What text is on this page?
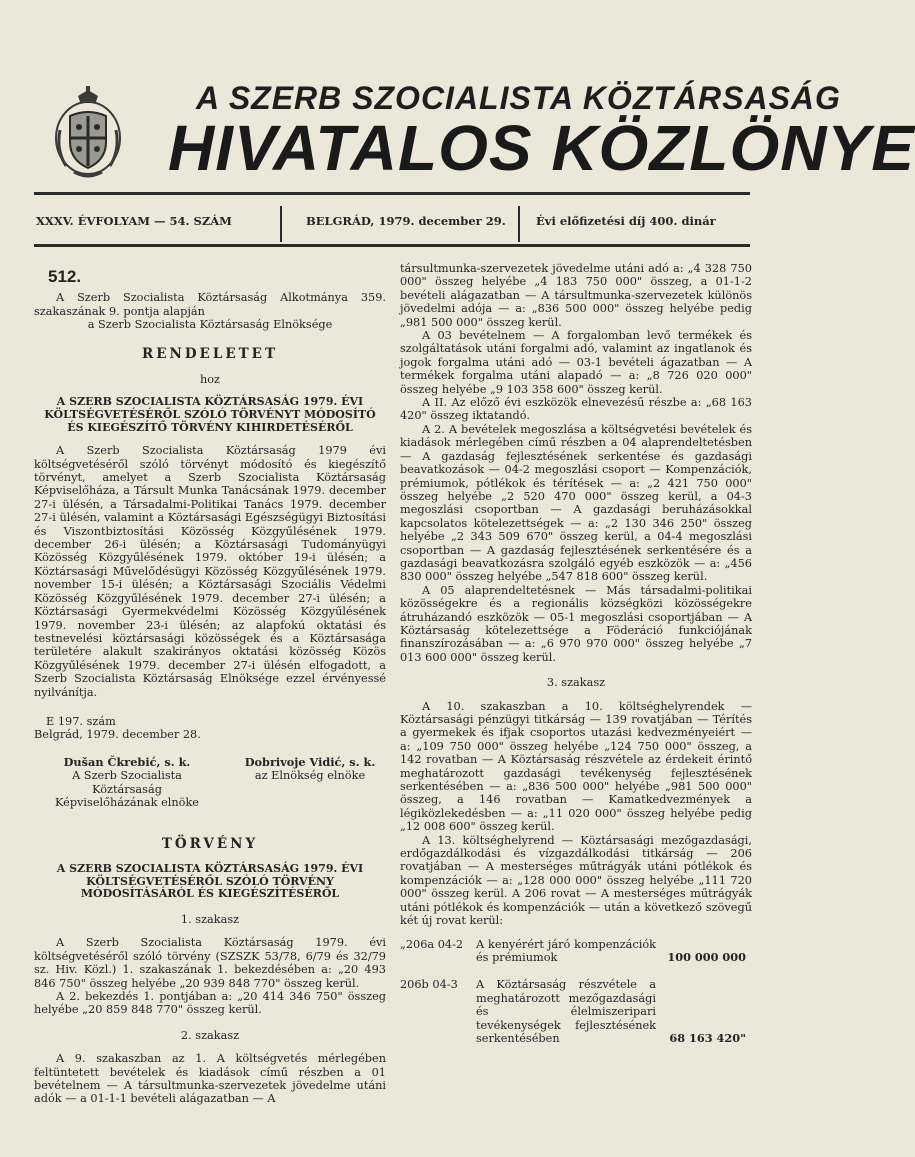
A SZERB SZOCIALISTA KÖZTÁRSASÁG
HIVATALOS KÖZLÖNYE
XXXV. ÉVFOLYAM — 54. SZÁM	BELGRÁD, 1979. december 29.	Évi előfizetési díj 400. dinár
512.

A Szerb Szocialista Köztársaság Alkotmánya 359. szakaszának 9. pontja alapján

a Szerb Szocialista Köztársaság Elnöksége

RENDELETET
hoz
A SZERB SZOCIALISTA KÖZTÁRSASÁG 1979. ÉVI KÖLTSÉGVETÉSÉRŐL SZÓLÓ TÖRVÉNYT MÓDOSÍTÓ ÉS KIEGÉSZÍTŐ TÖRVÉNY KIHIRDETÉSÉRŐL

A Szerb Szocialista Köztársaság 1979 évi költségvetéséről szóló törvényt módosító és kiegészítő törvényt, amelyet a Szerb Szocialista Köztársaság Képviselőháza, a Társult Munka Tanácsának 1979. december 27-i ülésén, a Társadalmi-Politikai Tanács 1979. december 27-i ülésén, valamint a Köztársasági Egészségügyi Biztosítási és Viszontbiztosítási Közösség Közgyűlésének 1979. december 26-i ülésén; a Köztársasági Tudományügyi Közösség Közgyűlésének 1979. október 19-i ülésén; a Köztársasági Művelődésügyi Közösség Közgyűlésének 1979. november 15-i ülésén; a Köztársasági Szociális Védelmi Közösség Közgyűlésének 1979. december 27-i ülésén; a Köztársasági Gyermekvédelmi Közösség Közgyűlésének 1979. november 23-i ülésén; az alapfokú oktatási és testnevelési köztársasági közösségek és a Köztársasága területére alakult szakirányos oktatási közösség Közös Közgyűlésének 1979. december 27-i ülésén elfogadott, a Szerb Szocialista Köztársaság Elnöksége ezzel érvényessé nyilvánítja.

E 197. szám
Belgrád, 1979. december 28.
Dušan Čkrebić, s. k.
A Szerb Szocialista Köztársaság Képviselőházának elnöke
Dobrivoje Vidić, s. k.
az Elnökség elnöke
TÖRVÉNY
A SZERB SZOCIALISTA KÖZTÁRSASÁG 1979. ÉVI KÖLTSÉGVETÉSÉRŐL SZÓLÓ TÖRVÉNY MÓDOSÍTÁSÁRÓL ÉS KIEGÉSZÍTÉSÉRŐL
1. szakasz

A Szerb Szocialista Köztársaság 1979. évi költségvetéséről szóló törvény (SZSZK 53/78, 6/79 és 32/79 sz. Hiv. Közl.) 1. szakaszának 1. bekezdésében a: „20 493 846 750" összeg helyébe „20 939 848 770" összeg kerül.

A 2. bekezdés 1. pontjában a: „20 414 346 750" összeg helyébe „20 859 848 770" összeg kerül.

2. szakasz

A 9. szakaszban az 1. A költségvetés mérlegében feltüntetett bevételek és kiadások című részben a 01 bevételnem — A társultmunka-szervezetek jövedelme utáni adók — a 01-1-1 bevételi alágazatban — A

társultmunka-szervezetek jövedelme utáni adó a: „4 328 750 000" összeg helyébe „4 183 750 000" összeg, a 01-1-2 bevételi alágazatban — A társultmunka-szervezetek különös jövedelmi adója — a: „836 500 000" összeg helyébe pedig „981 500 000" összeg kerül.

A 03 bevételnem — A forgalomban levő termékek és szolgáltatások utáni forgalmi adó, valamint az ingatlanok és jogok forgalma utáni adó — 03-1 bevételi ágazatban — A termékek forgalma utáni alapadó — a: „8 726 020 000" összeg helyébe „9 103 358 600" összeg kerül.

A II. Az előző évi eszközök elnevezésű részbe a: „68 163 420" összeg iktatandó.

A 2. A bevételek megoszlása a költségvetési bevételek és kiadások mérlegében című részben a 04 alaprendeltetésben — A gazdaság fejlesztésének serkentése és gazdasági beavatkozások — 04-2 megoszlási csoport — Kompenzációk, prémiumok, pótlékok és térítések — a: „2 421 750 000" összeg helyébe „2 520 470 000" összeg kerül, a 04-3 megoszlási csoportban — A gazdasági beruházásokkal kapcsolatos kötelezettségek — a: „2 130 346 250" összeg helyébe „2 343 509 670" összeg kerül, a 04-4 megoszlási csoportban — A gazdaság fejlesztésének serkentésére és a gazdasági beavatkozásra szolgáló egyéb eszközök — a: „456 830 000" összeg helyébe „547 818 600" összeg kerül.

A 05 alaprendeltetésnek — Más társadalmi-politikai közösségekre és a regionális községközi közösségekre átruházandó eszközök — 05-1 megoszlási csoportjában — A Köztársaság kötelezettsége a Föderáció funkciójának finanszírozásában — a: „6 970 970 000" összeg helyébe „7 013 600 000" összeg kerül.

3. szakasz

A 10. szakaszban a 10. költséghelyrendek — Köztársasági pénzügyi titkárság — 139 rovatjában — Térítés a gyermekek és ifjak csoportos utazási kedvezményeiért — a: „109 750 000" összeg helyébe „124 750 000" összeg, a 142 rovatban — A Köztársaság részvétele az érdekeit érintő meghatározott gazdasági tevékenység fejlesztésének serkentésében — a: „836 500 000" helyébe „981 500 000" összeg, a 146 rovatban — Kamatkedvezmények a légiközlekedésben — a: „11 020 000" összeg helyébe pedig „12 008 600" összeg kerül.

A 13. költséghelyrend — Köztársasági mezőgazdasági, erdőgazdálkodási és vízgazdálkodási titkárság — 206 rovatjában — A mesterséges műtrágyák utáni pótlékok és kompenzációk — a: „128 000 000" összeg helyébe „111 720 000" összeg kerül. A 206 rovat — A mesterséges műtrágyák utáni pótlékok és kompenzációk — után a következő szövegű két új rovat kerül:

„206a 04-2 A kenyérért járó kompenzációk és prémiumok	100 000 000
206b 04-3 A Köztársaság részvétele a meghatározott mezőgazdasági és élelmiszeripari tevékenységek fejlesztésének serkentésében	68 163 420"
